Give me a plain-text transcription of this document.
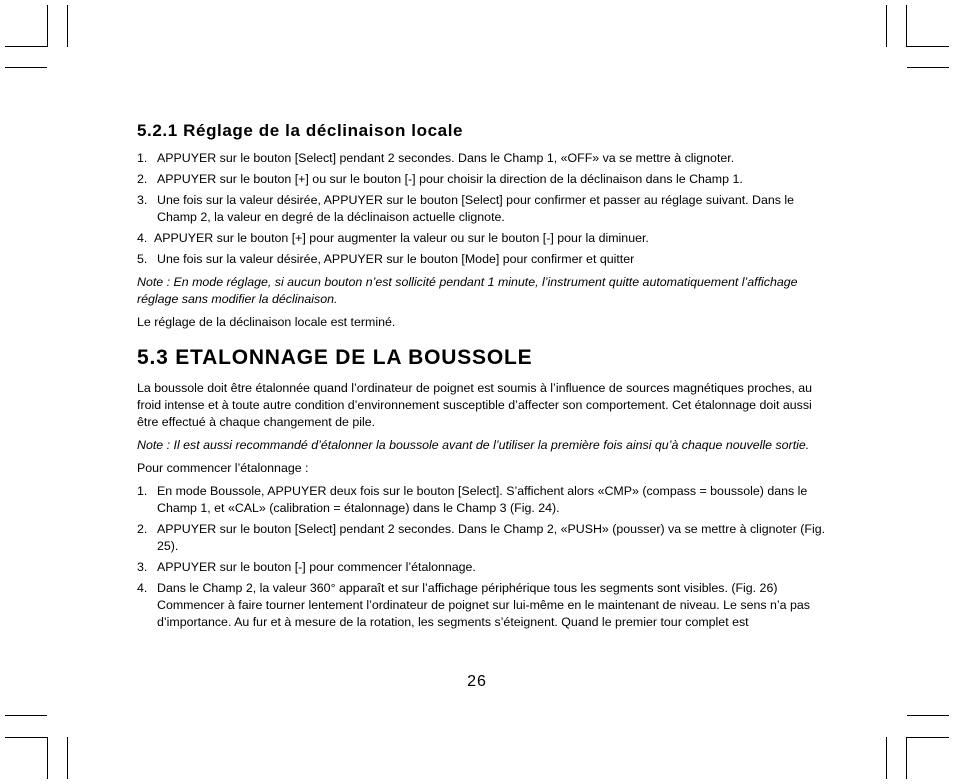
5.2.1 Réglage de la déclinaison locale
1. APPUYER sur le bouton [Select] pendant 2 secondes. Dans le Champ 1, «OFF» va se mettre à clignoter.
2. APPUYER sur le bouton [+] ou sur le bouton [-] pour choisir la direction de la déclinaison dans le Champ 1.
3. Une fois sur la valeur désirée, APPUYER sur le bouton [Select] pour confirmer et passer au réglage suivant. Dans le Champ 2, la valeur en degré de la déclinaison actuelle clignote.
4. APPUYER sur le bouton [+] pour augmenter la valeur ou sur le bouton [-] pour la diminuer.
5. Une fois sur la valeur désirée, APPUYER sur le bouton [Mode] pour confirmer et quitter

Note : En mode réglage, si aucun bouton n’est sollicité pendant 1 minute, l’instrument quitte automatiquement l’affichage réglage sans modifier la déclinaison.

Le réglage de la déclinaison locale est terminé.

5.3 ETALONNAGE DE LA BOUSSOLE

La boussole doit être étalonnée quand l’ordinateur de poignet est soumis à l’influence de sources magnétiques proches, au froid intense et à toute autre condition d’environnement susceptible d’affecter son comportement. Cet étalonnage doit aussi être effectué à chaque changement de pile.

Note : Il est aussi recommandé d’étalonner la boussole avant de l’utiliser la première fois ainsi qu’à chaque nouvelle sortie.

Pour commencer l’étalonnage :

1. En mode Boussole, APPUYER deux fois sur le bouton [Select]. S’affichent alors «CMP» (compass = boussole) dans le Champ 1, et «CAL» (calibration = étalonnage) dans le Champ 3 (Fig. 24).
2. APPUYER sur le bouton [Select] pendant 2 secondes. Dans le Champ 2, «PUSH» (pousser) va se mettre à clignoter (Fig. 25).
3. APPUYER sur le bouton [-] pour commencer l’étalonnage.
4. Dans le Champ 2, la valeur 360° apparaît et sur l’affichage périphérique tous les segments sont visibles. (Fig. 26) Commencer à faire tourner lentement l’ordinateur de poignet sur lui-même en le maintenant de niveau. Le sens n’a pas d’importance. Au fur et à mesure de la rotation, les segments s’éteignent. Quand le premier tour complet est
26
